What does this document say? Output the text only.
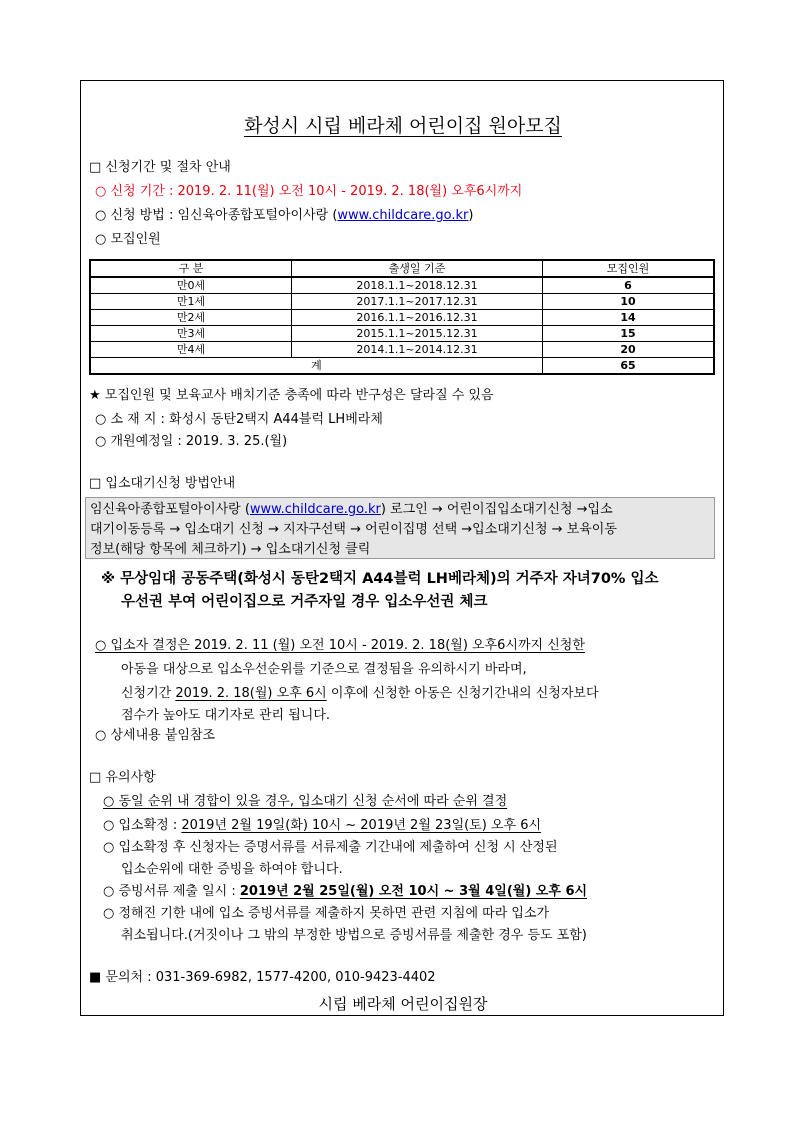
화성시 시립 베라체 어린이집 원아모집
□ 신청기간 및 절차 안내
○ 신청 기간 : 2019. 2. 11(월) 오전 10시 - 2019. 2. 18(월) 오후6시까지
○ 신청 방법 : 임신육아종합포털아이사랑 (www.childcare.go.kr)
○ 모집인원
구 분	출생일 기준	모집인원
만0세	2018.1.1~2018.12.31	6
만1세	2017.1.1~2017.12.31	10
만2세	2016.1.1~2016.12.31	14
만3세	2015.1.1~2015.12.31	15
만4세	2014.1.1~2014.12.31	20
계		65
★ 모집인원 및 보육교사 배치기준 충족에 따라 반구성은 달라질 수 있음
○ 소 재 지 : 화성시 동탄2택지 A44블럭 LH베라체
○ 개원예정일 : 2019. 3. 25.(월)
□ 입소대기신청 방법안내
임신육아종합포털아이사랑 (www.childcare.go.kr) 로그인 → 어린이집입소대기신청 →입소
대기이동등록 → 입소대기 신청 → 지자구선택 → 어린이집명 선택 →입소대기신청 → 보육이동
정보(해당 항목에 체크하기) → 입소대기신청 클릭
※ 무상임대 공동주택(화성시 동탄2택지 A44블럭 LH베라체)의 거주자 자녀70% 입소
우선권 부여 어린이집으로 거주자일 경우 입소우선권 체크
○ 입소자 결정은 2019. 2. 11 (월) 오전 10시 - 2019. 2. 18(월) 오후6시까지 신청한
아동을 대상으로 입소우선순위를 기준으로 결정됨을 유의하시기 바라며,
신청기간 2019. 2. 18(월) 오후 6시 이후에 신청한 아동은 신청기간내의 신청자보다
점수가 높아도 대기자로 관리 됩니다.
○ 상세내용 붙임참조
□ 유의사항
○ 동일 순위 내 경합이 있을 경우, 입소대기 신청 순서에 따라 순위 결정
○ 입소확정 : 2019년 2월 19일(화) 10시 ~ 2019년 2월 23일(토) 오후 6시
○ 입소확정 후 신청자는 증명서류를 서류제출 기간내에 제출하여 신청 시 산정된
입소순위에 대한 증빙을 하여야 합니다.
○ 증빙서류 제출 일시 : 2019년 2월 25일(월) 오전 10시 ~ 3월 4일(월) 오후 6시
○ 정해진 기한 내에 입소 증빙서류를 제출하지 못하면 관련 지침에 따라 입소가
취소됩니다.(거짓이나 그 밖의 부정한 방법으로 증빙서류를 제출한 경우 등도 포함)
■ 문의처 : 031-369-6982, 1577-4200, 010-9423-4402
시립 베라체 어린이집원장
